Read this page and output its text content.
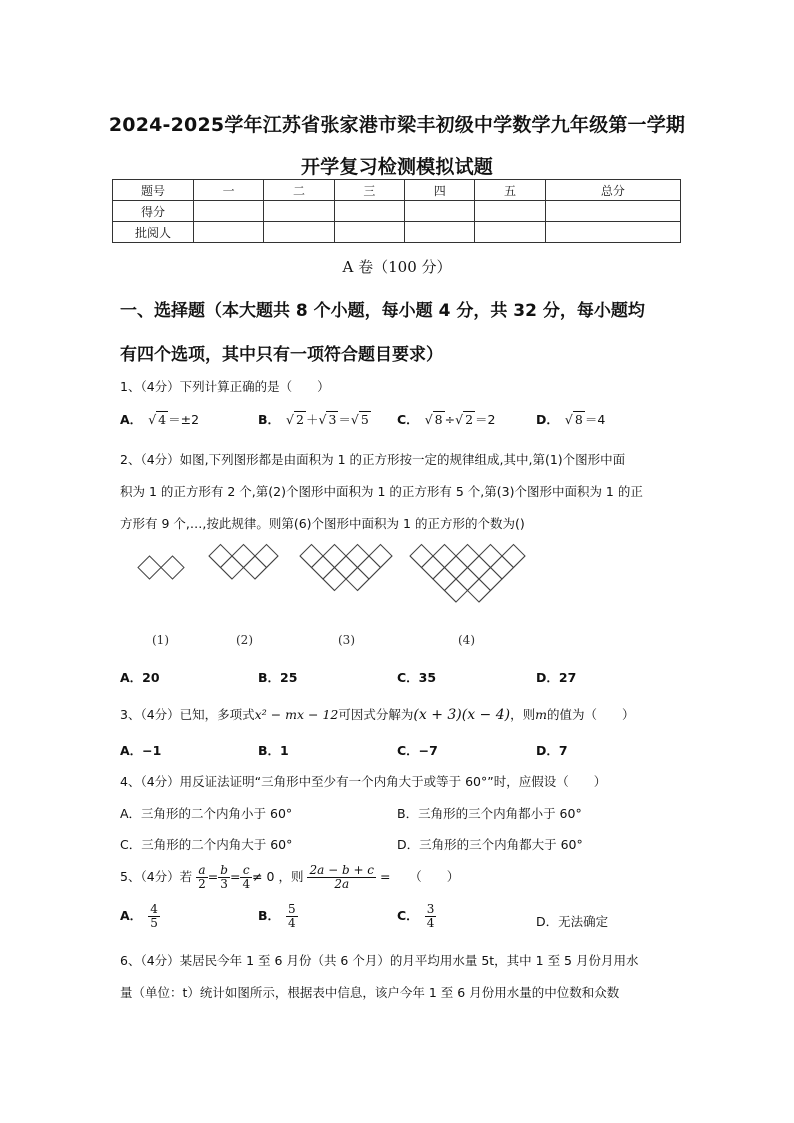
2024-2025学年江苏省张家港市梁丰初级中学数学九年级第一学期
开学复习检测模拟试题
题号	一	二	三	四	五	总分
得分						
批阅人						
A 卷（100 分）
一、选择题（本大题共 8 个小题，每小题 4 分，共 32 分，每小题均
有四个选项，其中只有一项符合题目要求）
1、（4分）下列计算正确的是（　　）
A． √ 4 ＝±2	B． √ 2 ＋√ 3 ＝√ 5 C． √ 8 ÷√ 2 ＝2	D． √ 8 ＝4
2、（4分）如图,下列图形都是由面积为 1 的正方形按一定的规律组成,其中,第(1)个图形中面
积为 1 的正方形有 2 个,第(2)个图形中面积为 1 的正方形有 5 个,第(3)个图形中面积为 1 的正
方形有 9 个,…,按此规律。则第(6)个图形中面积为 1 的正方形的个数为()
(1)	(2)	(3)	(4)
A．20	B．25	C．35	D．27
3、（4分）已知，多项式x² − mx − 12可因式分解为(x + 3)(x − 4)，则m的值为（　　）
A．−1	B．1	C．−7	D．7
4、（4分）用反证法证明“三角形中至少有一个内角大于或等于 60°”时，应假设（　　）
A．三角形的二个内角小于 60°	B．三角形的三个内角都小于 60°
C．三角形的二个内角大于 60°	D．三角形的三个内角都大于 60°
5、（4分）若 $\frac{a}{2} = \frac{b}{3} = \frac{c}{4} \ne 0$ ，则 $\frac{2a - b + c}{2a}$ =　　（　　）
A． $\frac{4}{5}$	B． $\frac{5}{4}$	C． $\frac{3}{4}$	D．无法确定
6、（4分）某居民今年 1 至 6 月份（共 6 个月）的月平均用水量 5t，其中 1 至 5 月份月用水
量（单位：t）统计如图所示，根据表中信息，该户今年 1 至 6 月份用水量的中位数和众数
